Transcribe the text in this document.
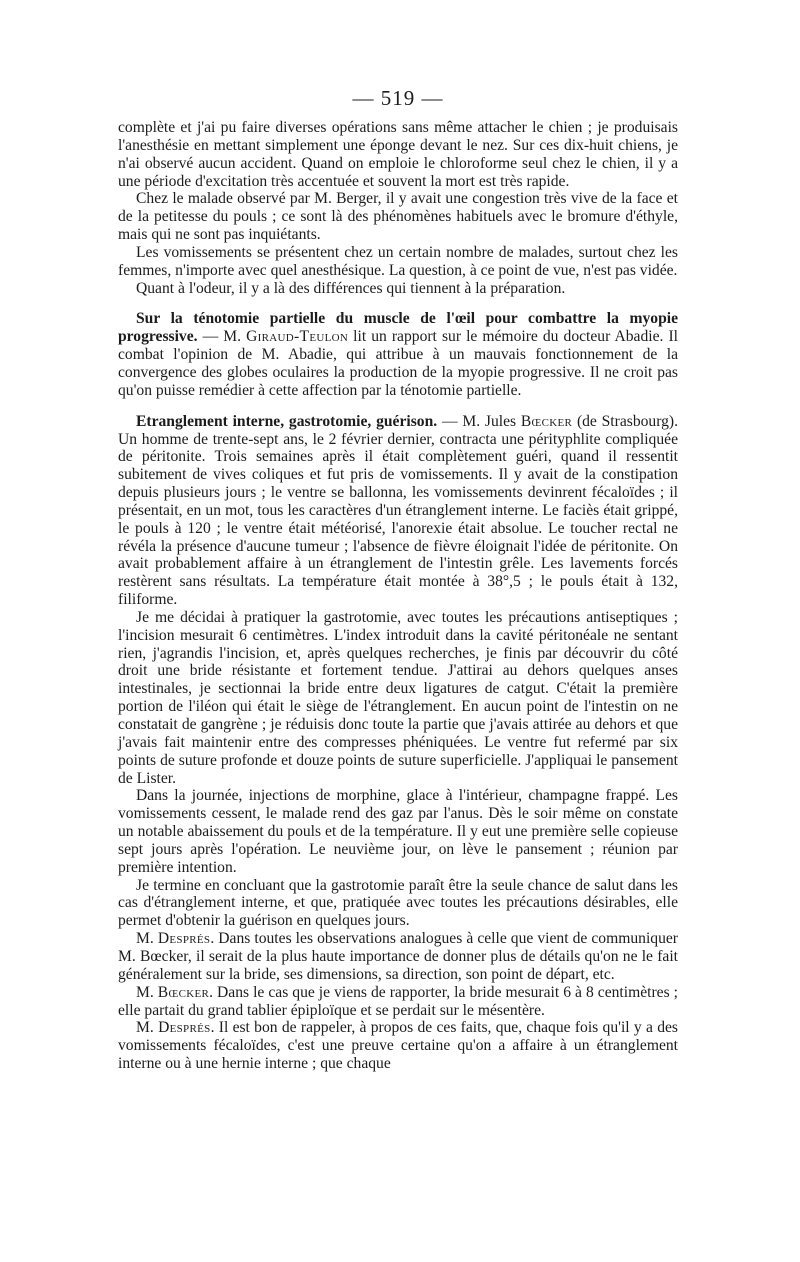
— 519 —

complète et j'ai pu faire diverses opérations sans même attacher le chien ; je produisais l'anesthésie en mettant simplement une éponge devant le nez. Sur ces dix-huit chiens, je n'ai observé aucun accident. Quand on emploie le chloroforme seul chez le chien, il y a une période d'excitation très accentuée et souvent la mort est très rapide.

Chez le malade observé par M. Berger, il y avait une congestion très vive de la face et de la petitesse du pouls ; ce sont là des phénomènes habituels avec le bromure d'éthyle, mais qui ne sont pas inquiétants.

Les vomissements se présentent chez un certain nombre de malades, surtout chez les femmes, n'importe avec quel anesthésique. La question, à ce point de vue, n'est pas vidée.

Quant à l'odeur, il y a là des différences qui tiennent à la préparation.

Sur la ténotomie partielle du muscle de l'œil pour combattre la myopie progressive. — M. Giraud-Teulon lit un rapport sur le mémoire du docteur Abadie. Il combat l'opinion de M. Abadie, qui attribue à un mauvais fonctionnement de la convergence des globes oculaires la production de la myopie progressive. Il ne croit pas qu'on puisse remédier à cette affection par la ténotomie partielle.

Etranglement interne, gastrotomie, guérison. — M. Jules Bœcker (de Strasbourg). Un homme de trente-sept ans, le 2 février dernier, contracta une pérityphlite compliquée de péritonite. Trois semaines après il était complètement guéri, quand il ressentit subitement de vives coliques et fut pris de vomissements. Il y avait de la constipation depuis plusieurs jours ; le ventre se ballonna, les vomissements devinrent fécaloïdes ; il présentait, en un mot, tous les caractères d'un étranglement interne. Le faciès était grippé, le pouls à 120 ; le ventre était météorisé, l'anorexie était absolue. Le toucher rectal ne révéla la présence d'aucune tumeur ; l'absence de fièvre éloignait l'idée de péritonite. On avait probablement affaire à un étranglement de l'intestin grêle. Les lavements forcés restèrent sans résultats. La température était montée à 38°,5 ; le pouls était à 132, filiforme.

Je me décidai à pratiquer la gastrotomie, avec toutes les précautions antiseptiques ; l'incision mesurait 6 centimètres. L'index introduit dans la cavité péritonéale ne sentant rien, j'agrandis l'incision, et, après quelques recherches, je finis par découvrir du côté droit une bride résistante et fortement tendue. J'attirai au dehors quelques anses intestinales, je sectionnai la bride entre deux ligatures de catgut. C'était la première portion de l'iléon qui était le siège de l'étranglement. En aucun point de l'intestin on ne constatait de gangrène ; je réduisis donc toute la partie que j'avais attirée au dehors et que j'avais fait maintenir entre des compresses phéniquées. Le ventre fut refermé par six points de suture profonde et douze points de suture superficielle. J'appliquai le pansement de Lister.

Dans la journée, injections de morphine, glace à l'intérieur, champagne frappé. Les vomissements cessent, le malade rend des gaz par l'anus. Dès le soir même on constate un notable abaissement du pouls et de la température. Il y eut une première selle copieuse sept jours après l'opération. Le neuvième jour, on lève le pansement ; réunion par première intention.

Je termine en concluant que la gastrotomie paraît être la seule chance de salut dans les cas d'étranglement interne, et que, pratiquée avec toutes les précautions désirables, elle permet d'obtenir la guérison en quelques jours.

M. Després. Dans toutes les observations analogues à celle que vient de communiquer M. Bœcker, il serait de la plus haute importance de donner plus de détails qu'on ne le fait généralement sur la bride, ses dimensions, sa direction, son point de départ, etc.

M. Bœcker. Dans le cas que je viens de rapporter, la bride mesurait 6 à 8 centimètres ; elle partait du grand tablier épiploïque et se perdait sur le mésentère.

M. Després. Il est bon de rappeler, à propos de ces faits, que, chaque fois qu'il y a des vomissements fécaloïdes, c'est une preuve certaine qu'on a affaire à un étranglement interne ou à une hernie interne ; que chaque
